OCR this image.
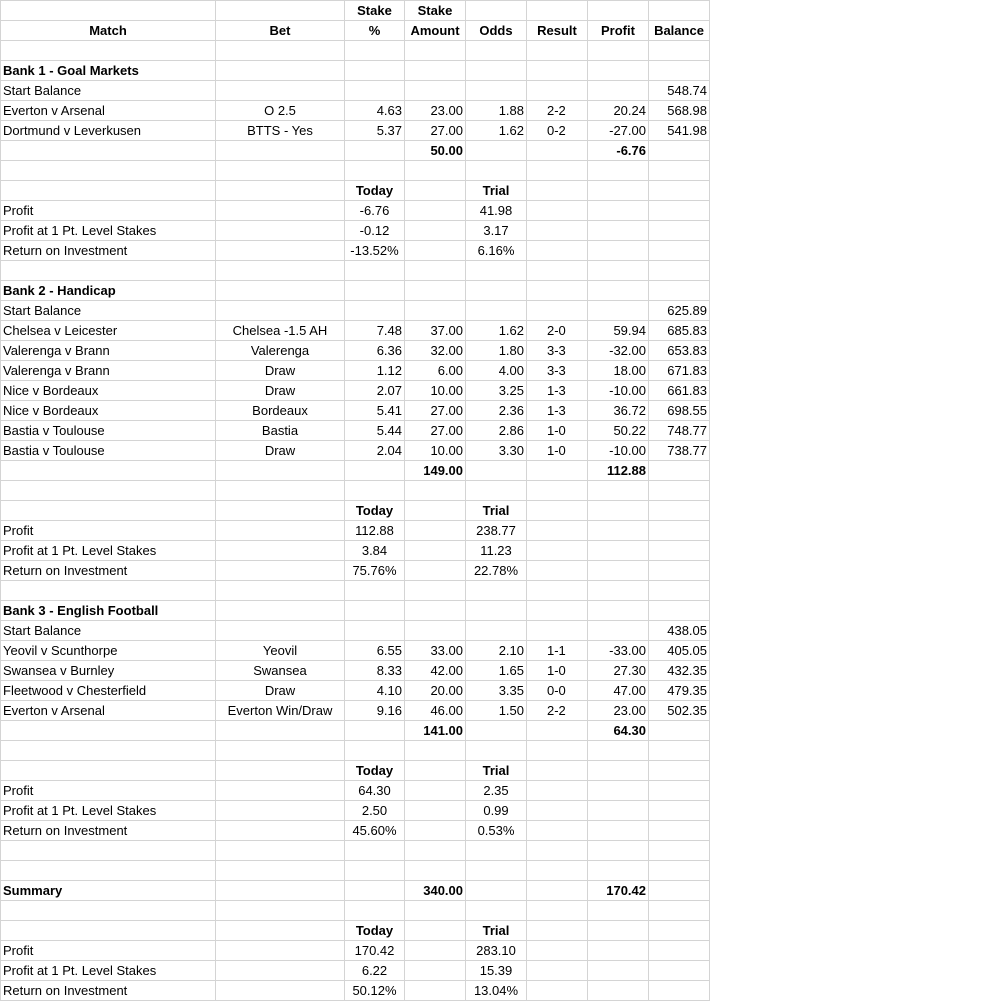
		Stake	Stake				
Match	Bet	%	Amount	Odds	Result	Profit	Balance

Bank 1 - Goal Markets							
Start Balance							548.74
Everton v Arsenal	O 2.5	4.63	23.00	1.88	2-2	20.24	568.98
Dortmund v Leverkusen	BTTS - Yes	5.37	27.00	1.62	0-2	-27.00	541.98
			50.00			-6.76	

		Today		Trial			
Profit		-6.76		41.98			
Profit at 1 Pt. Level Stakes		-0.12		3.17			
Return on Investment		-13.52%		6.16%			

Bank 2 - Handicap							
Start Balance							625.89
Chelsea v Leicester	Chelsea -1.5 AH	7.48	37.00	1.62	2-0	59.94	685.83
Valerenga v Brann	Valerenga	6.36	32.00	1.80	3-3	-32.00	653.83
Valerenga v Brann	Draw	1.12	6.00	4.00	3-3	18.00	671.83
Nice v Bordeaux	Draw	2.07	10.00	3.25	1-3	-10.00	661.83
Nice v Bordeaux	Bordeaux	5.41	27.00	2.36	1-3	36.72	698.55
Bastia v Toulouse	Bastia	5.44	27.00	2.86	1-0	50.22	748.77
Bastia v Toulouse	Draw	2.04	10.00	3.30	1-0	-10.00	738.77
			149.00			112.88	

		Today		Trial			
Profit		112.88		238.77			
Profit at 1 Pt. Level Stakes		3.84		11.23			
Return on Investment		75.76%		22.78%			

Bank 3 - English Football							
Start Balance							438.05
Yeovil v Scunthorpe	Yeovil	6.55	33.00	2.10	1-1	-33.00	405.05
Swansea v Burnley	Swansea	8.33	42.00	1.65	1-0	27.30	432.35
Fleetwood v Chesterfield	Draw	4.10	20.00	3.35	0-0	47.00	479.35
Everton v Arsenal	Everton Win/Draw	9.16	46.00	1.50	2-2	23.00	502.35
			141.00			64.30	

		Today		Trial			
Profit		64.30		2.35			
Profit at 1 Pt. Level Stakes		2.50		0.99			
Return on Investment		45.60%		0.53%			

Summary			340.00			170.42	

		Today		Trial			
Profit		170.42		283.10			
Profit at 1 Pt. Level Stakes		6.22		15.39			
Return on Investment		50.12%		13.04%			
